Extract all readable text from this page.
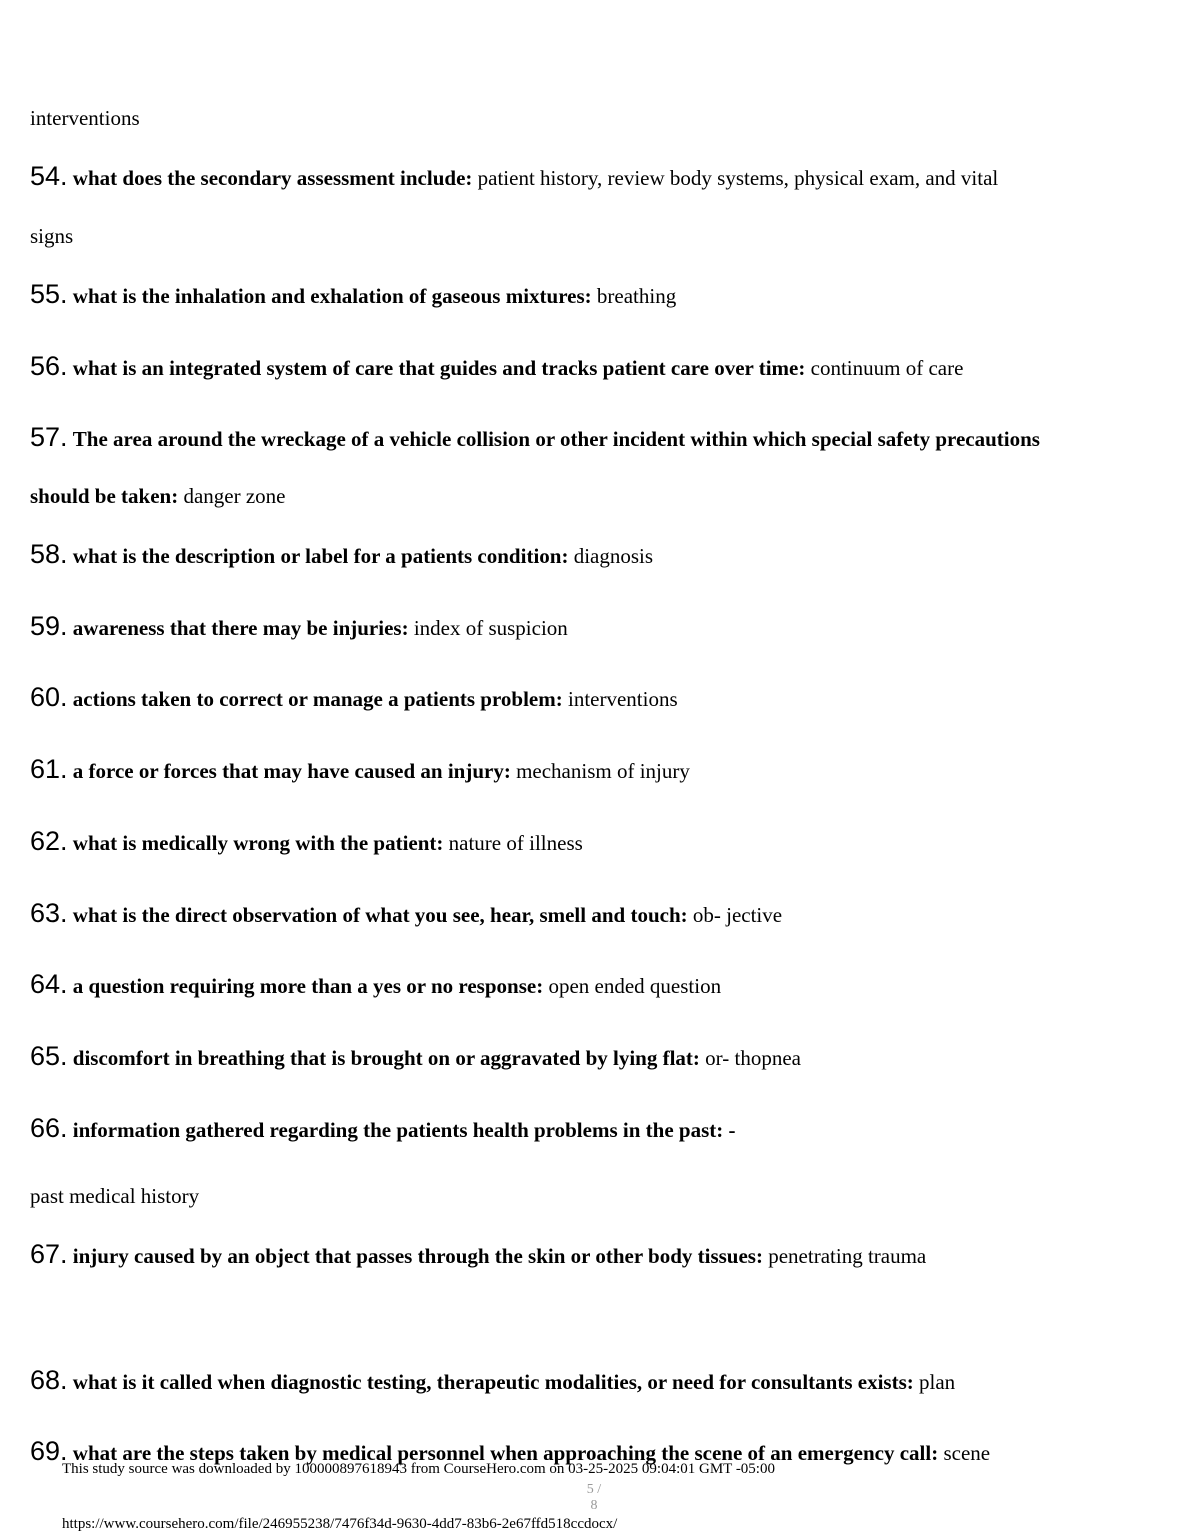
interventions
54. what does the secondary assessment include: patient history, review body systems, physical exam, and vital
signs
55. what is the inhalation and exhalation of gaseous mixtures: breathing
56. what is an integrated system of care that guides and tracks patient care over time: continuum of care
57. The area around the wreckage of a vehicle collision or other incident within which special safety precautions
should be taken: danger zone
58. what is the description or label for a patients condition: diagnosis
59. awareness that there may be injuries: index of suspicion
60. actions taken to correct or manage a patients problem: interventions
61. a force or forces that may have caused an injury: mechanism of injury
62. what is medically wrong with the patient: nature of illness
63. what is the direct observation of what you see, hear, smell and touch: ob- jective
64. a question requiring more than a yes or no response: open ended question
65. discomfort in breathing that is brought on or aggravated by lying flat: or- thopnea
66. information gathered regarding the patients health problems in the past: -
past medical history
67. injury caused by an object that passes through the skin or other body tissues: penetrating trauma
68. what is it called when diagnostic testing, therapeutic modalities, or need for consultants exists: plan
69. what are the steps taken by medical personnel when approaching the scene of an emergency call: scene
This study source was downloaded by 100000897618943 from CourseHero.com on 03-25-2025 09:04:01 GMT -05:00
5 / 8
https://www.coursehero.com/file/246955238/7476f34d-9630-4dd7-83b6-2e67ffd518ccdocx/
